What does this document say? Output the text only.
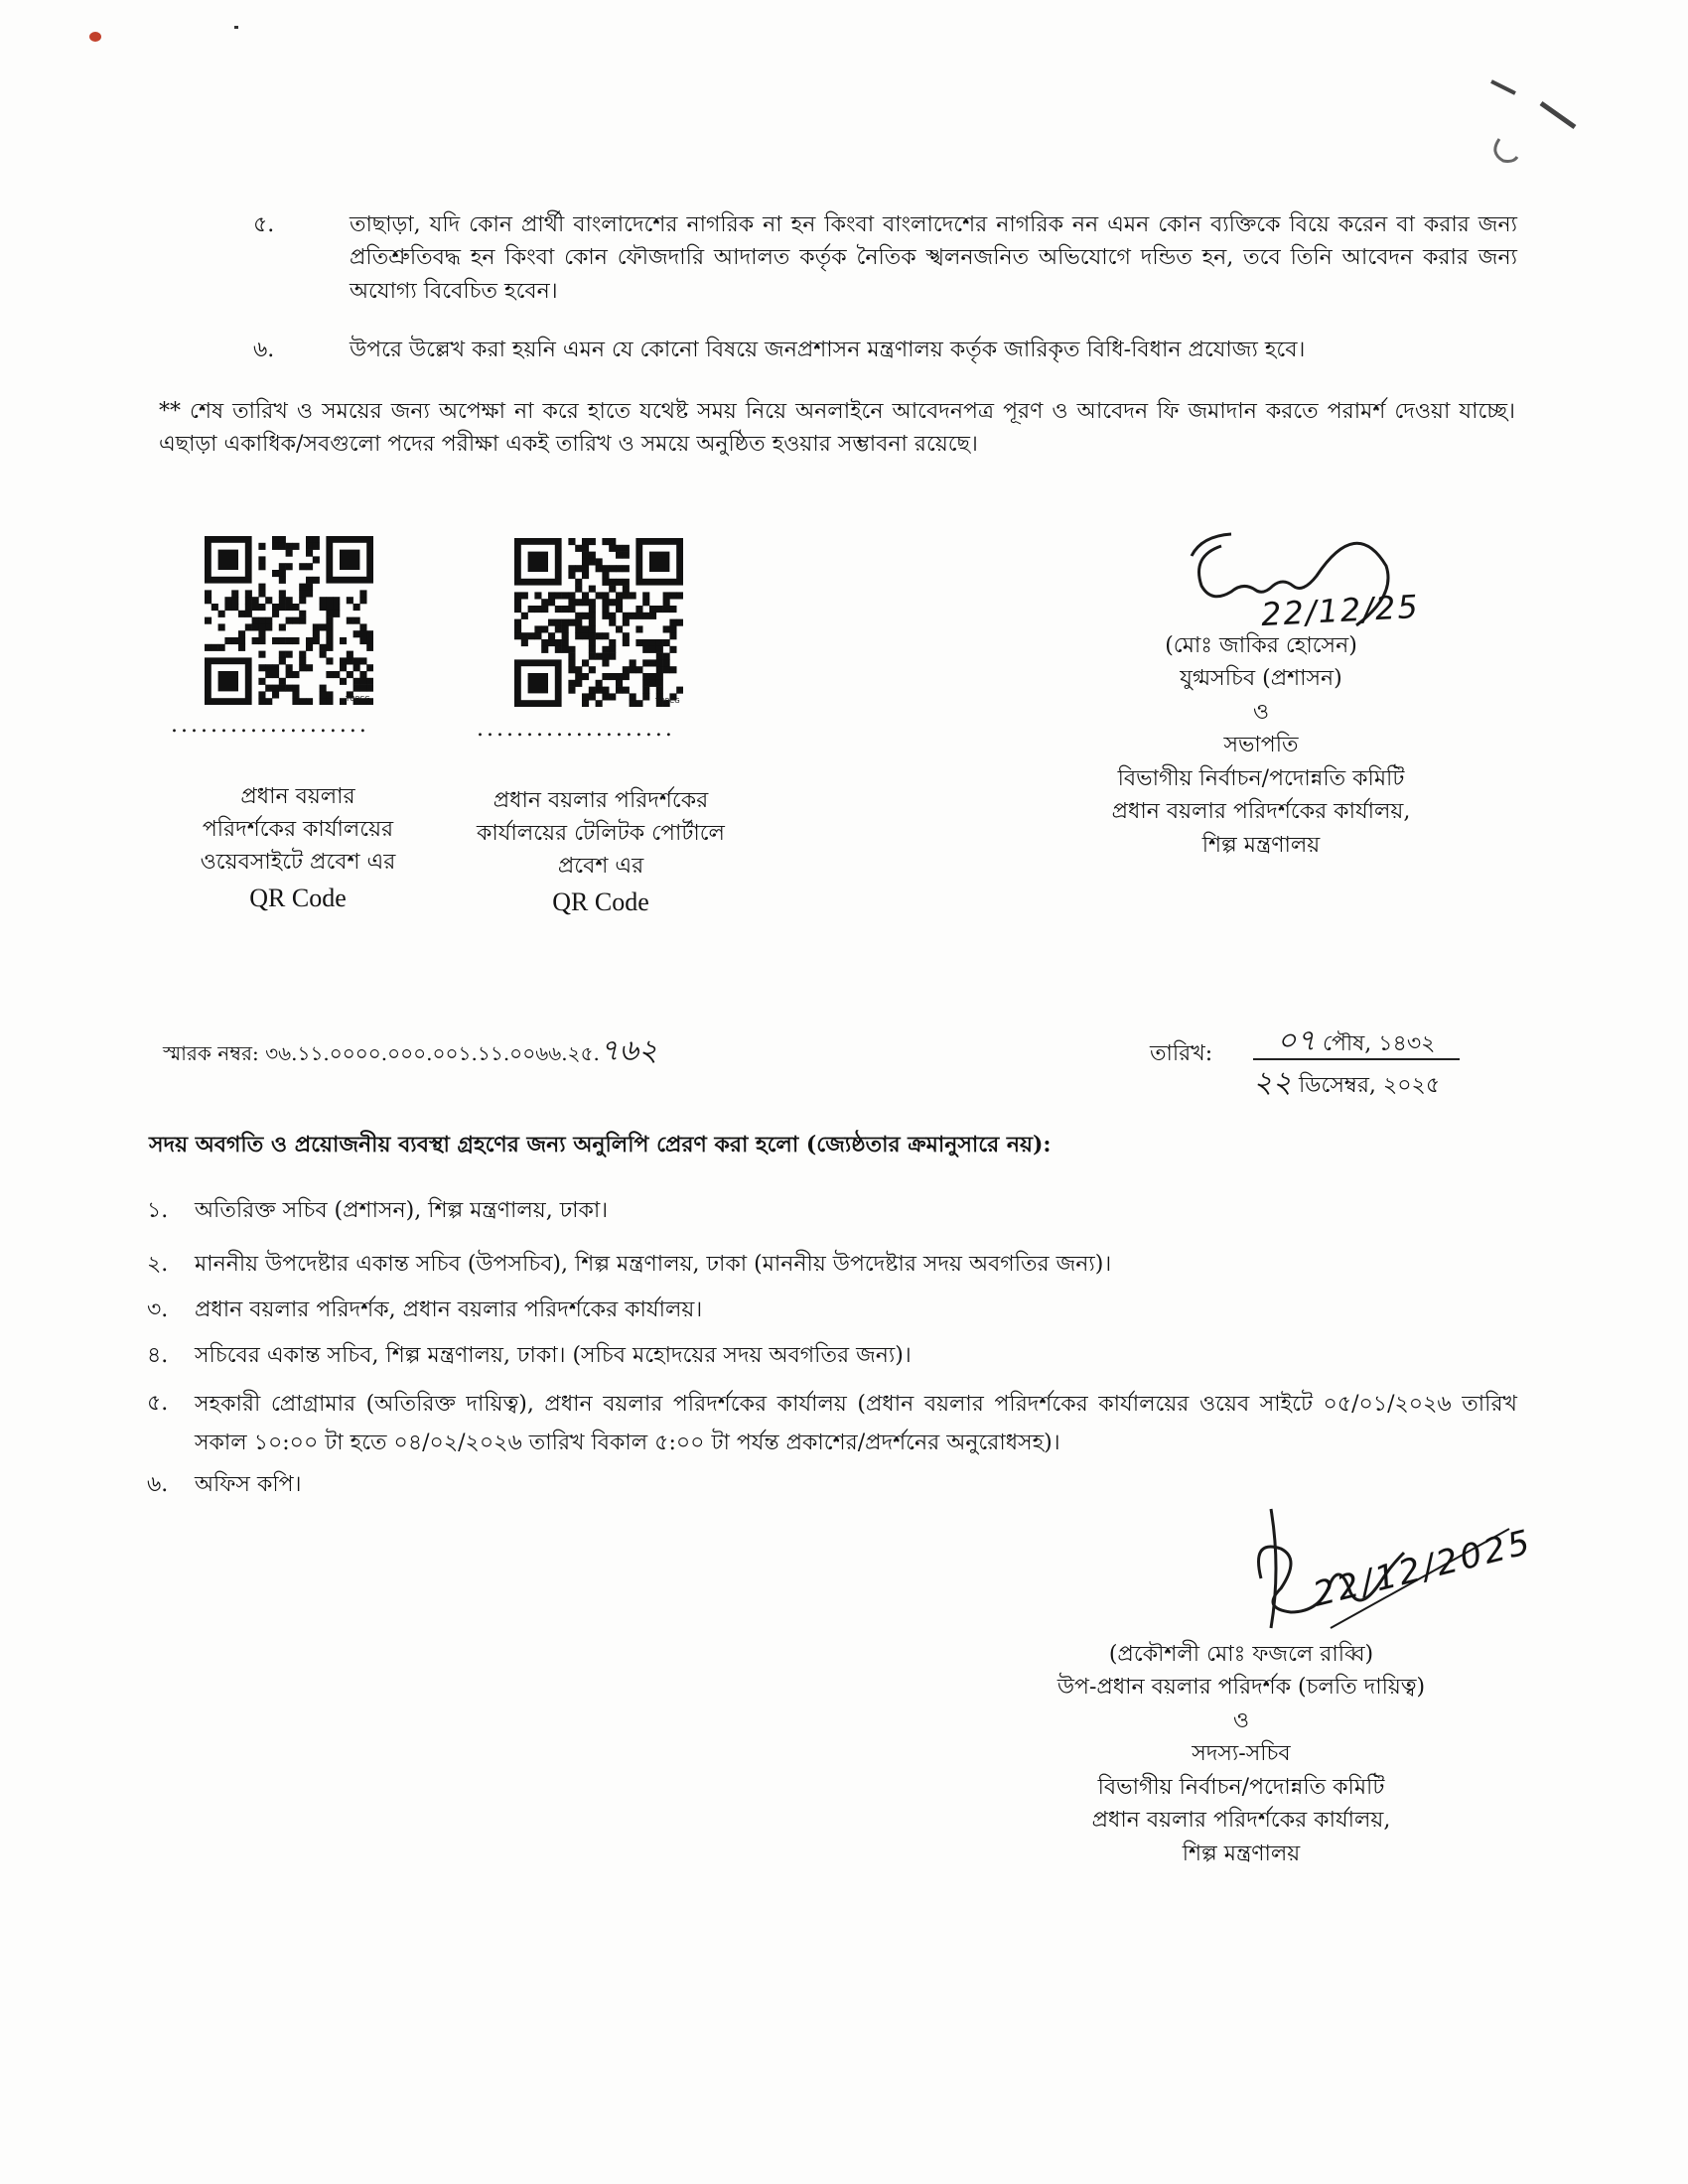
৫.	তাছাড়া, যদি কোন প্রার্থী বাংলাদেশের নাগরিক না হন কিংবা বাংলাদেশের নাগরিক নন এমন কোন ব্যক্তিকে বিয়ে করেন বা করার জন্য প্রতিশ্রুতিবদ্ধ হন কিংবা কোন ফৌজদারি আদালত কর্তৃক নৈতিক স্খলনজনিত অভিযোগে দন্ডিত হন, তবে তিনি আবেদন করার জন্য অযোগ্য বিবেচিত হবেন।
৬.	উপরে উল্লেখ করা হয়নি এমন যে কোনো বিষয়ে জনপ্রশাসন মন্ত্রণালয় কর্তৃক জারিকৃত বিধি-বিধান প্রযোজ্য হবে।
** শেষ তারিখ ও সময়ের জন্য অপেক্ষা না করে হাতে যথেষ্ট সময় নিয়ে অনলাইনে আবেদনপত্র পূরণ ও আবেদন ফি জমাদান করতে পরামর্শ দেওয়া যাচ্ছে। এছাড়া একাধিক/সবগুলো পদের পরীক্ষা একই তারিখ ও সময়ে অনুষ্ঠিত হওয়ার সম্ভাবনা রয়েছে।
TORCG
....................
প্রধান বয়লার
পরিদর্শকের কার্যালয়ের
ওয়েবসাইটে প্রবেশ এর
QR Code
TORCG
....................
প্রধান বয়লার পরিদর্শকের
কার্যালয়ের টেলিটক পোর্টালে
প্রবেশ এর
QR Code
22/12/25
(মোঃ জাকির হোসেন)
যুগ্মসচিব (প্রশাসন)
ও
সভাপতি
বিভাগীয় নির্বাচন/পদোন্নতি কমিটি
প্রধান বয়লার পরিদর্শকের কার্যালয়,
শিল্প মন্ত্রণালয়
স্মারক নম্বর: ৩৬.১১.০০০০.০০০.০০১.১১.০০৬৬.২৫.৭৬২	তারিখ: ০৭ পৌষ, ১৪৩২
২২ ডিসেম্বর, ২০২৫
সদয় অবগতি ও প্রয়োজনীয় ব্যবস্থা গ্রহণের জন্য অনুলিপি প্রেরণ করা হলো (জ্যেষ্ঠতার ক্রমানুসারে নয়):
১. অতিরিক্ত সচিব (প্রশাসন), শিল্প মন্ত্রণালয়, ঢাকা।
২. মাননীয় উপদেষ্টার একান্ত সচিব (উপসচিব), শিল্প মন্ত্রণালয়, ঢাকা (মাননীয় উপদেষ্টার সদয় অবগতির জন্য)।
৩. প্রধান বয়লার পরিদর্শক, প্রধান বয়লার পরিদর্শকের কার্যালয়।
৪. সচিবের একান্ত সচিব, শিল্প মন্ত্রণালয়, ঢাকা। (সচিব মহোদয়ের সদয় অবগতির জন্য)।
৫. সহকারী প্রোগ্রামার (অতিরিক্ত দায়িত্ব), প্রধান বয়লার পরিদর্শকের কার্যালয় (প্রধান বয়লার পরিদর্শকের কার্যালয়ের ওয়েব সাইটে ০৫/০১/২০২৬ তারিখ সকাল ১০:০০ টা হতে ০৪/০২/২০২৬ তারিখ বিকাল ৫:০০ টা পর্যন্ত প্রকাশের/প্রদর্শনের অনুরোধসহ)।
৬. অফিস কপি।
22/12/2025
(প্রকৌশলী মোঃ ফজলে রাব্বি)
উপ-প্রধান বয়লার পরিদর্শক (চলতি দায়িত্ব)
ও
সদস্য-সচিব
বিভাগীয় নির্বাচন/পদোন্নতি কমিটি
প্রধান বয়লার পরিদর্শকের কার্যালয়,
শিল্প মন্ত্রণালয়
